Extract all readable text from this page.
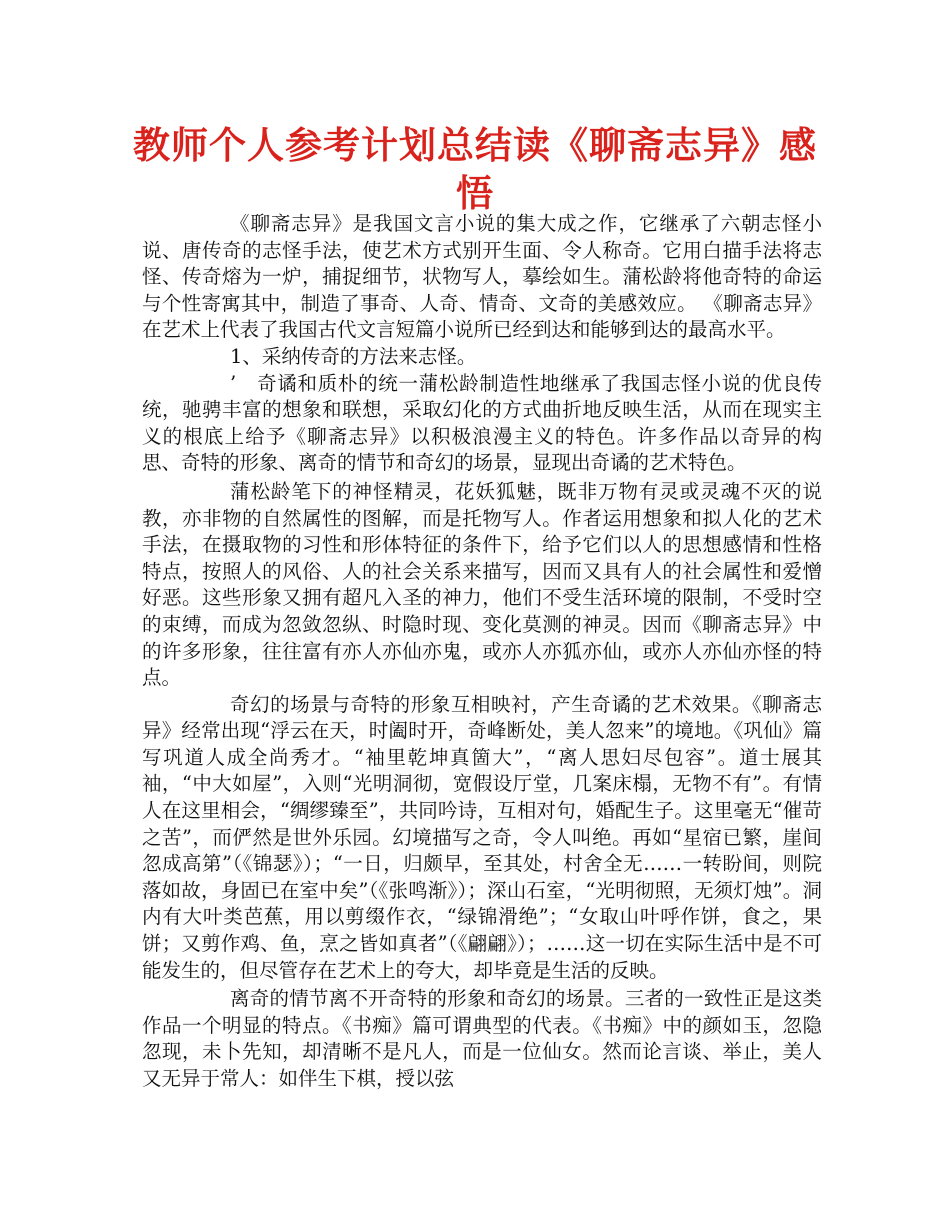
教师个人参考计划总结读《聊斋志异》感悟

《聊斋志异》是我国文言小说的集大成之作，它继承了六朝志怪小说、唐传奇的志怪手法，使艺术方式别开生面、令人称奇。它用白描手法将志怪、传奇熔为一炉，捕捉细节，状物写人，摹绘如生。蒲松龄将他奇特的命运与个性寄寓其中，制造了事奇、人奇、情奇、文奇的美感效应。 《聊斋志异》在艺术上代表了我国古代文言短篇小说所已经到达和能够到达的最高水平。

1、采纳传奇的方法来志怪。

’　奇谲和质朴的统一蒲松龄制造性地继承了我国志怪小说的优良传统，驰骋丰富的想象和联想，采取幻化的方式曲折地反映生活，从而在现实主义的根底上给予《聊斋志异》以积极浪漫主义的特色。许多作品以奇异的构思、奇特的形象、离奇的情节和奇幻的场景，显现出奇谲的艺术特色。

蒲松龄笔下的神怪精灵，花妖狐魅，既非万物有灵或灵魂不灭的说教，亦非物的自然属性的图解，而是托物写人。作者运用想象和拟人化的艺术手法，在摄取物的习性和形体特征的条件下，给予它们以人的思想感情和性格特点，按照人的风俗、人的社会关系来描写，因而又具有人的社会属性和爱憎好恶。这些形象又拥有超凡入圣的神力，他们不受生活环境的限制，不受时空的束缚，而成为忽敛忽纵、时隐时现、变化莫测的神灵。因而《聊斋志异》中的许多形象，往往富有亦人亦仙亦鬼，或亦人亦狐亦仙，或亦人亦仙亦怪的特点。

奇幻的场景与奇特的形象互相映衬，产生奇谲的艺术效果。《聊斋志异》经常出现“浮云在天，时阖时开，奇峰断处，美人忽来”的境地。《巩仙》篇写巩道人成全尚秀才。“袖里乾坤真箇大”，“离人思妇尽包容”。道士展其袖，“中大如屋”，入则“光明洞彻，宽假设厅堂，几案床榻，无物不有”。有情人在这里相会，“绸缪臻至”，共同吟诗，互相对句，婚配生子。这里毫无“催苛之苦”，而俨然是世外乐园。幻境描写之奇，令人叫绝。再如“星宿已繁，崖间忽成高第”（《锦瑟》）；“一日，归颇早，至其处，村舍全无……一转盼间，则院落如故，身固已在室中矣”（《张鸣渐》）；深山石室，“光明彻照，无须灯烛”。洞内有大叶类芭蕉，用以剪缀作衣，“绿锦滑绝”；“女取山叶呼作饼，食之，果饼；又剪作鸡、鱼，烹之皆如真者”（《翩翩》）；……这一切在实际生活中是不可能发生的，但尽管存在艺术上的夸大，却毕竟是生活的反映。

离奇的情节离不开奇特的形象和奇幻的场景。三者的一致性正是这类作品一个明显的特点。《书痴》篇可谓典型的代表。《书痴》中的颜如玉，忽隐忽现，未卜先知，却清晰不是凡人，而是一位仙女。然而论言谈、举止，美人又无异于常人：如伴生下棋，授以弦
